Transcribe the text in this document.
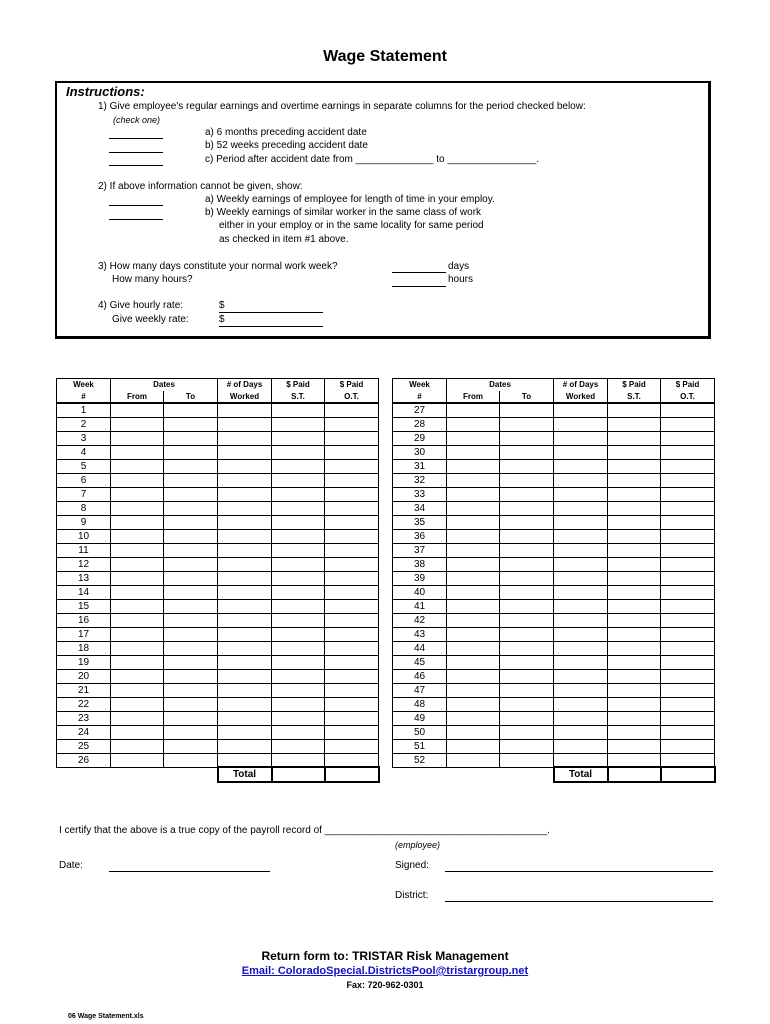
Wage Statement
Instructions:
1) Give employee's regular earnings and overtime earnings in separate columns for the period checked below:
(check one)
a) 6 months preceding accident date
b) 52 weeks preceding accident date
c) Period after accident date from ______________ to ________________.
2) If above information cannot be given, show:
a) Weekly earnings of employee for length of time in your employ.
b) Weekly earnings of similar worker in the same class of work
either in your employ or in the same locality for same period
as checked in item #1 above.
3) How many days constitute your normal work week?
How many hours?
days
hours
4) Give hourly rate:
Give weekly rate:
$
$
Week	Dates		# of Days	$ Paid	$ Paid
#	From	To	Worked	S.T.	O.T.
1					
2					
3					
4					
5					
6					
7					
8					
9					
10					
11					
12					
13					
14					
15					
16					
17					
18					
19					
20					
21					
22					
23					
24					
25					
26					
			Total		
Week	Dates		# of Days	$ Paid	$ Paid
#	From	To	Worked	S.T.	O.T.
27					
28					
29					
30					
31					
32					
33					
34					
35					
36					
37					
38					
39					
40					
41					
42					
43					
44					
45					
46					
47					
48					
49					
50					
51					
52					
			Total		
I certify that the above is a true copy of the payroll record of ________________________________________.
(employee)
Date:	Signed:
District:
Return form to: TRISTAR Risk Management
Email: ColoradoSpecial.DistrictsPool@tristargroup.net
Fax: 720-962-0301
06 Wage Statement.xls
